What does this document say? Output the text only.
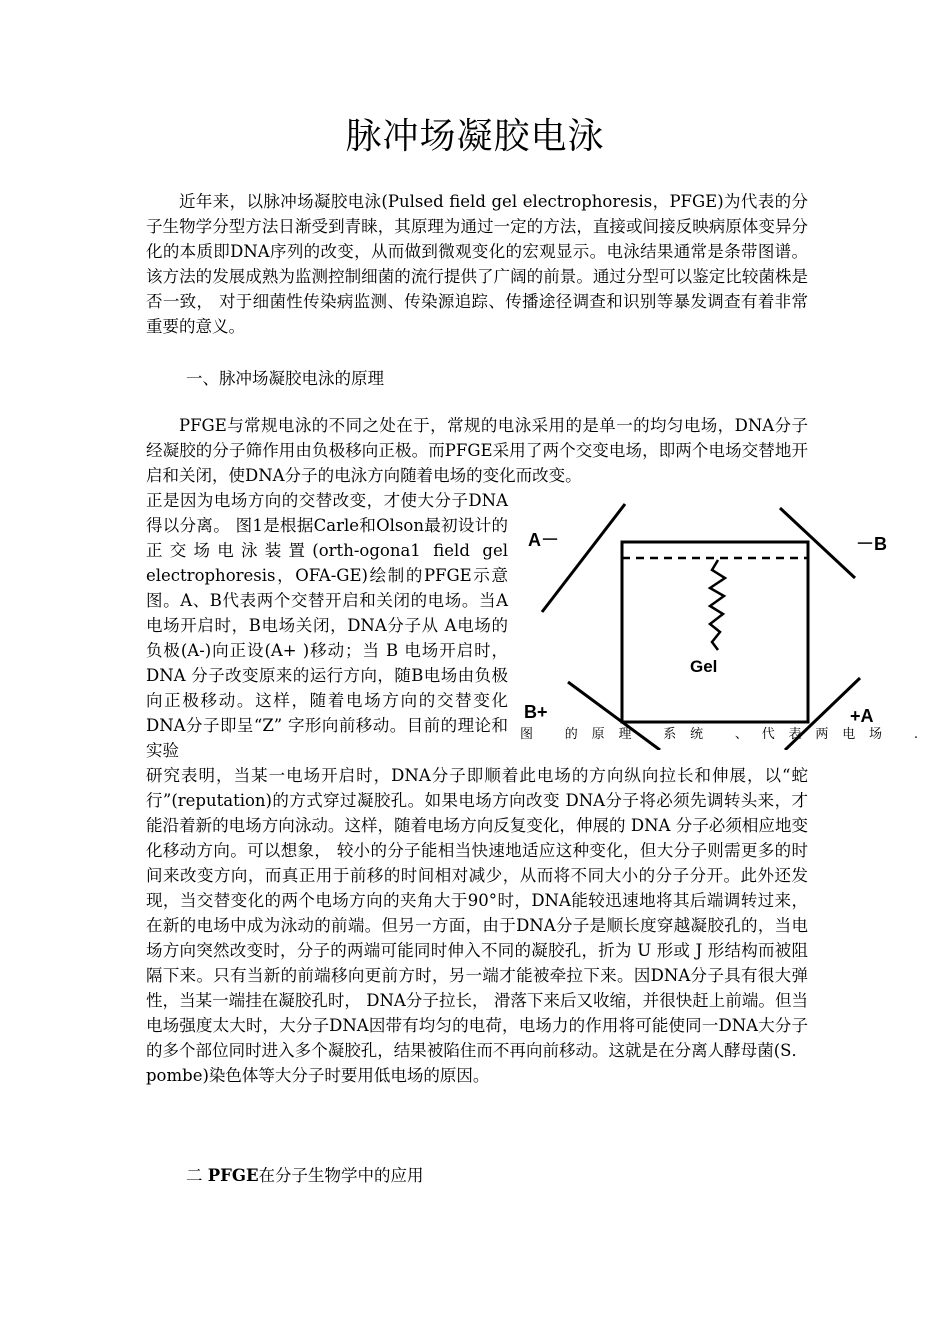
脉冲场凝胶电泳

近年来，以脉冲场凝胶电泳(Pulsed field gel electrophoresis，PFGE)为代表的分子生物学分型方法日渐受到青睐，其原理为通过一定的方法，直接或间接反映病原体变异分化的本质即DNA序列的改变，从而做到微观变化的宏观显示。电泳结果通常是条带图谱。该方法的发展成熟为监测控制细菌的流行提供了广阔的前景。通过分型可以鉴定比较菌株是否一致， 对于细菌性传染病监测、传染源追踪、传播途径调查和识别等暴发调查有着非常重要的意义。

一、脉冲场凝胶电泳的原理

PFGE与常规电泳的不同之处在于，常规的电泳采用的是单一的均匀电场，DNA分子经凝胶的分子筛作用由负极移向正极。而PFGE采用了两个交变电场，即两个电场交替地开启和关闭，使DNA分子的电泳方向随着电场的变化而改变。

正是因为电场方向的交替改变，才使大分子DNA得以分离。 图1是根据Carle和Olson最初设计的正交场电泳装置(orth-ogona1 field gel electrophoresis，OFA-GE)绘制的PFGE示意图。A、B代表两个交替开启和关闭的电场。当A电场开启时，B电场关闭，DNA分子从 A电场的负极(A-)向正设(A+ )移动；当 B 电场开启时，DNA 分子改变原来的运行方向，随B电场由负极向正极移动。这样，随着电场方向的交替变化DNA分子即呈“Z” 字形向前移动。目前的理论和实验

A－	－B
B+	+A
Gel
图 的原理 系统 、代表两电场 .

研究表明，当某一电场开启时，DNA分子即顺着此电场的方向纵向拉长和伸展，以“蛇行”(reputation)的方式穿过凝胶孔。如果电场方向改变 DNA分子将必须先调转头来，才能沿着新的电场方向泳动。这样，随着电场方向反复变化，伸展的 DNA 分子必须相应地变化移动方向。可以想象， 较小的分子能相当快速地适应这种变化，但大分子则需更多的时间来改变方向，而真正用于前移的时间相对减少，从而将不同大小的分子分开。此外还发现，当交替变化的两个电场方向的夹角大于90°时，DNA能较迅速地将其后端调转过来，在新的电场中成为泳动的前端。但另一方面，由于DNA分子是顺长度穿越凝胶孔的，当电场方向突然改变时，分子的两端可能同时伸入不同的凝胶孔，折为 U 形或 J 形结构而被阻隔下来。只有当新的前端移向更前方时，另一端才能被牵拉下来。因DNA分子具有很大弹性，当某一端挂在凝胶孔时， DNA分子拉长， 滑落下来后又收缩，并很快赶上前端。但当电场强度太大时，大分子DNA因带有均匀的电荷，电场力的作用将可能使同一DNA大分子的多个部位同时进入多个凝胶孔，结果被陷住而不再向前移动。这就是在分离人酵母菌(S．pombe)染色体等大分子时要用低电场的原因。

二 PFGE在分子生物学中的应用
